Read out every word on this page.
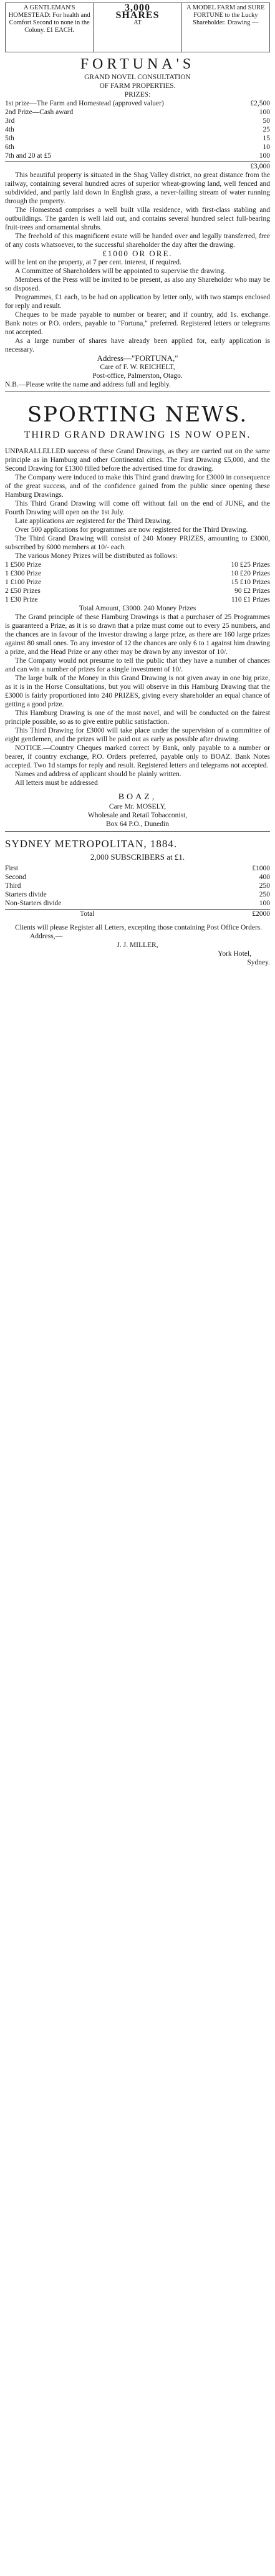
A GENTLEMAN'S HOMESTEAD: For health and Comfort Second to none in the Colony. £1 EACH.
3,000
SHARES
AT
A MODEL FARM and SURE FORTUNE to the Lucky Shareholder. Drawing —
FORTUNA'S
GRAND NOVEL CONSULTATION
OF FARM PROPERTIES.
PRIZES:
1st prize—The Farm and Homestead (approved valuer)	£2,500
2nd Prize—Cash award	100
3rd	50
4th	25
5th	15
6th	10
7th and 20 at £5	100
£3,000
This beautiful property is situated in the Shag Valley district, no great distance from the railway, containing several hundred acres of superior wheat-growing land, well fenced and subdivided, and partly laid down in English grass, a never-failing stream of water running through the property.
The Homestead comprises a well built villa residence, with first-class stabling and outbuildings. The garden is well laid out, and contains several hundred select full-bearing fruit-trees and ornamental shrubs.
The freehold of this magnificent estate will be handed over and legally transferred, free of any costs whatsoever, to the successful shareholder the day after the drawing.
£1000 OR ORE.
will be lent on the property, at 7 per cent. interest, if required.
A Committee of Shareholders will be appointed to supervise the drawing.
Members of the Press will be invited to be present, as also any Shareholder who may be so disposed.
Programmes, £1 each, to be had on application by letter only, with two stamps enclosed for reply and result.
Cheques to be made payable to number or bearer; and if country, add 1s. exchange. Bank notes or P.O. orders, payable to "Fortuna," preferred. Registered letters or telegrams not accepted.
As a large number of shares have already been applied for, early application is necessary.
Address—"FORTUNA,"
Care of F. W. REICHELT,
Post-office, Palmerston, Otago.
N.B.—Please write the name and address full and legibly.
SPORTING NEWS.
THIRD GRAND DRAWING IS NOW OPEN.
UNPARALLELLED success of these Grand Drawings, as they are carried out on the same principle as in Hamburg and other Continental cities. The First Drawing £5,000, and the Second Drawing for £1300 filled before the advertised time for drawing.
The Company were induced to make this Third grand drawing for £3000 in consequence of the great success, and of the confidence gained from the public since opening these Hamburg Drawings.
This Third Grand Drawing will come off without fail on the end of JUNE, and the Fourth Drawing will open on the 1st July.
Late applications are registered for the Third Drawing.
Over 500 applications for programmes are now registered for the Third Drawing.
The Third Grand Drawing will consist of 240 Money PRIZES, amounting to £3000, subscribed by 6000 members at 10/- each.
The various Money Prizes will be distributed as follows:
1 £500 Prize	10 £25 Prizes
1 £300 Prize	10 £20 Prizes
1 £100 Prize	15 £10 Prizes
2 £50 Prizes	90 £2 Prizes
1 £30 Prize	110 £1 Prizes
Total Amount, £3000. 240 Money Prizes
The Grand principle of these Hamburg Drawings is that a purchaser of 25 Programmes is guaranteed a Prize, as it is so drawn that a prize must come out to every 25 numbers, and the chances are in favour of the investor drawing a large prize, as there are 160 large prizes against 80 small ones. To any investor of 12 the chances are only 6 to 1 against him drawing a prize, and the Head Prize or any other may be drawn by any investor of 10/.
The Company would not presume to tell the public that they have a number of chances and can win a number of prizes for a single investment of 10/.
The large bulk of the Money in this Grand Drawing is not given away in one big prize, as it is in the Horse Consultations, but you will observe in this Hamburg Drawing that the £3000 is fairly proportioned into 240 PRIZES, giving every shareholder an equal chance of getting a good prize.
This Hamburg Drawing is one of the most novel, and will be conducted on the fairest principle possible, so as to give entire public satisfaction.
This Third Drawing for £3000 will take place under the supervision of a committee of eight gentlemen, and the prizes will be paid out as early as possible after drawing.
NOTICE.—Country Cheques marked correct by Bank, only payable to a number or bearer, if country exchange, P.O. Orders preferred, payable only to BOAZ. Bank Notes accepted. Two 1d stamps for reply and result. Registered letters and telegrams not accepted.
Names and address of applicant should be plainly written.
All letters must be addressed
BOAZ,
Care Mr. MOSELY,
Wholesale and Retail Tobacconist,
Box 64 P.O., Dunedin
SYDNEY METROPOLITAN, 1884.
2,000 SUBSCRIBERS at £1.
First	£1000
Second	400
Third	250
Starters divide	250
Non-Starters divide	100
Total	£2000
Clients will please Register all Letters, excepting those containing Post Office Orders.
Address,—
J. J. MILLER,
York Hotel,
Sydney.
